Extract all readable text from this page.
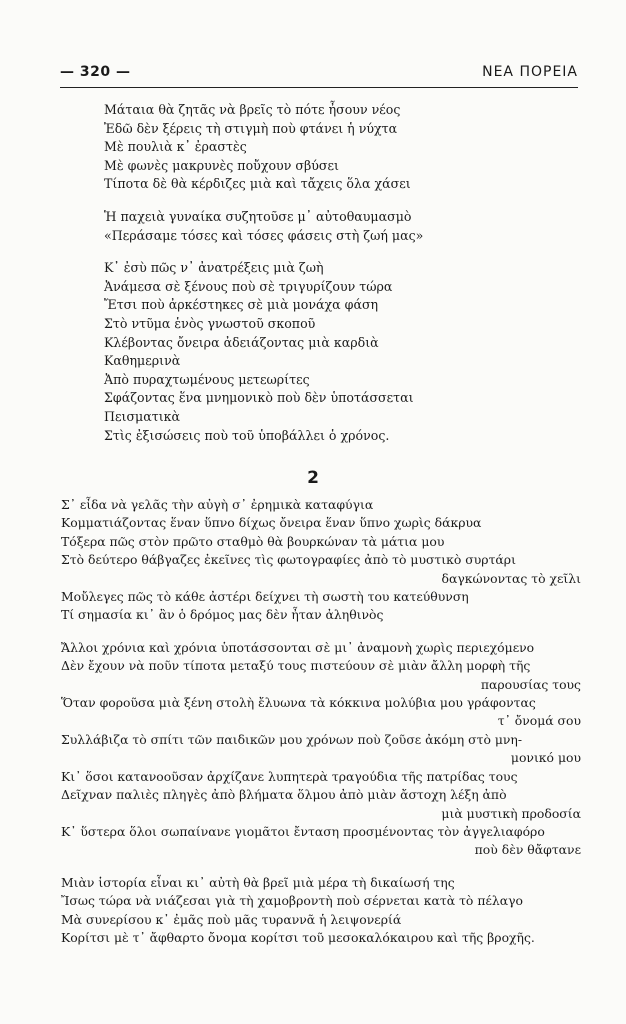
— 320 —	ΝΕΑ ΠΟΡΕΙΑ
Μάταια θὰ ζητᾶς νὰ βρεῖς τὸ πότε ἦσουν νέος
Ἐδῶ δὲν ξέρεις τὴ στιγμὴ ποὺ φτάνει ἡ νύχτα
Μὲ πουλιὰ κ᾽ ἐραστὲς
Μὲ φωνὲς μακρυνὲς ποὔχουν σβύσει
Τίποτα δὲ θὰ κέρδιζες μιὰ καὶ τἄχεις ὅλα χάσει
Ἡ παχειὰ γυναίκα συζητοῦσε μ᾽ αὐτοθαυμασμὸ
«Περάσαμε τόσες καὶ τόσες φάσεις στὴ ζωή μας»
Κ᾽ ἐσὺ πῶς ν᾽ ἀνατρέξεις μιὰ ζωὴ
Ἀνάμεσα σὲ ξένους ποὺ σὲ τριγυρίζουν τώρα
Ἔτσι ποὺ ἀρκέστηκες σὲ μιὰ μονάχα φάση
Στὸ ντῦμα ἑνὸς γνωστοῦ σκοποῦ
Κλέβοντας ὄνειρα ἀδειάζοντας μιὰ καρδιὰ
Καθημερινὰ
Ἀπὸ πυραχτωμένους μετεωρίτες
Σφάζοντας ἕνα μνημονικὸ ποὺ δὲν ὑποτάσσεται
Πεισματικὰ
Στὶς ἐξισώσεις ποὺ τοῦ ὑποβάλλει ὁ χρόνος.
2
Σ᾽ εἶδα νὰ γελᾶς τὴν αὐγὴ σ᾽ ἐρημικὰ καταφύγια
Κομματιάζοντας ἕναν ὕπνο δίχως ὄνειρα ἕναν ὕπνο χωρὶς δάκρυα
Τόξερα πῶς στὸν πρῶτο σταθμὸ θὰ βουρκώναν τὰ μάτια μου
Στὸ δεύτερο θάβγαζες ἐκεῖνες τὶς φωτογραφίες ἀπὸ τὸ μυστικὸ συρτάρι
δαγκώνοντας τὸ χεῖλι
Μοὔλεγες πῶς τὸ κάθε ἀστέρι δείχνει τὴ σωστὴ του κατεύθυνση
Τί σημασία κι᾽ ἂν ὁ δρόμος μας δὲν ἦταν ἀληθινὸς
Ἄλλοι χρόνια καὶ χρόνια ὑποτάσσονται σὲ μι᾽ ἀναμονὴ χωρὶς περιεχόμενο
Δὲν ἔχουν νὰ ποῦν τίποτα μεταξύ τους πιστεύουν σὲ μιὰν ἄλλη μορφὴ τῆς
παρουσίας τους
Ὅταν φοροῦσα μιὰ ξένη στολὴ ἔλυωνα τὰ κόκκινα μολύβια μου γράφοντας
τ᾽ ὄνομά σου
Συλλάβιζα τὸ σπίτι τῶν παιδικῶν μου χρόνων ποὺ ζοῦσε ἀκόμη στὸ μνη-
μονικό μου
Κι᾽ ὅσοι κατανοοῦσαν ἀρχίζανε λυπητερὰ τραγούδια τῆς πατρίδας τους
Δεῖχναν παλιὲς πληγὲς ἀπὸ βλήματα ὅλμου ἀπὸ μιὰν ἄστοχη λέξη ἀπὸ
μιὰ μυστικὴ προδοσία
Κ᾽ ὕστερα ὅλοι σωπαίνανε γιομᾶτοι ἔνταση προσμένοντας τὸν ἀγγελιαφόρο
ποὺ δὲν θἄφτανε
Μιὰν ἱστορία εἶναι κι᾽ αὐτὴ θὰ βρεῖ μιὰ μέρα τὴ δικαίωσή της
Ἴσως τώρα νὰ νιάζεσαι γιὰ τὴ χαμοβροντὴ ποὺ σέρνεται κατὰ τὸ πέλαγο
Μὰ συνερίσου κ᾽ ἐμᾶς ποὺ μᾶς τυραννᾶ ἡ λειψονερίά
Κορίτσι μὲ τ᾽ ἄφθαρτο ὄνομα κορίτσι τοῦ μεσοκαλόκαιρου καὶ τῆς βροχῆς.
